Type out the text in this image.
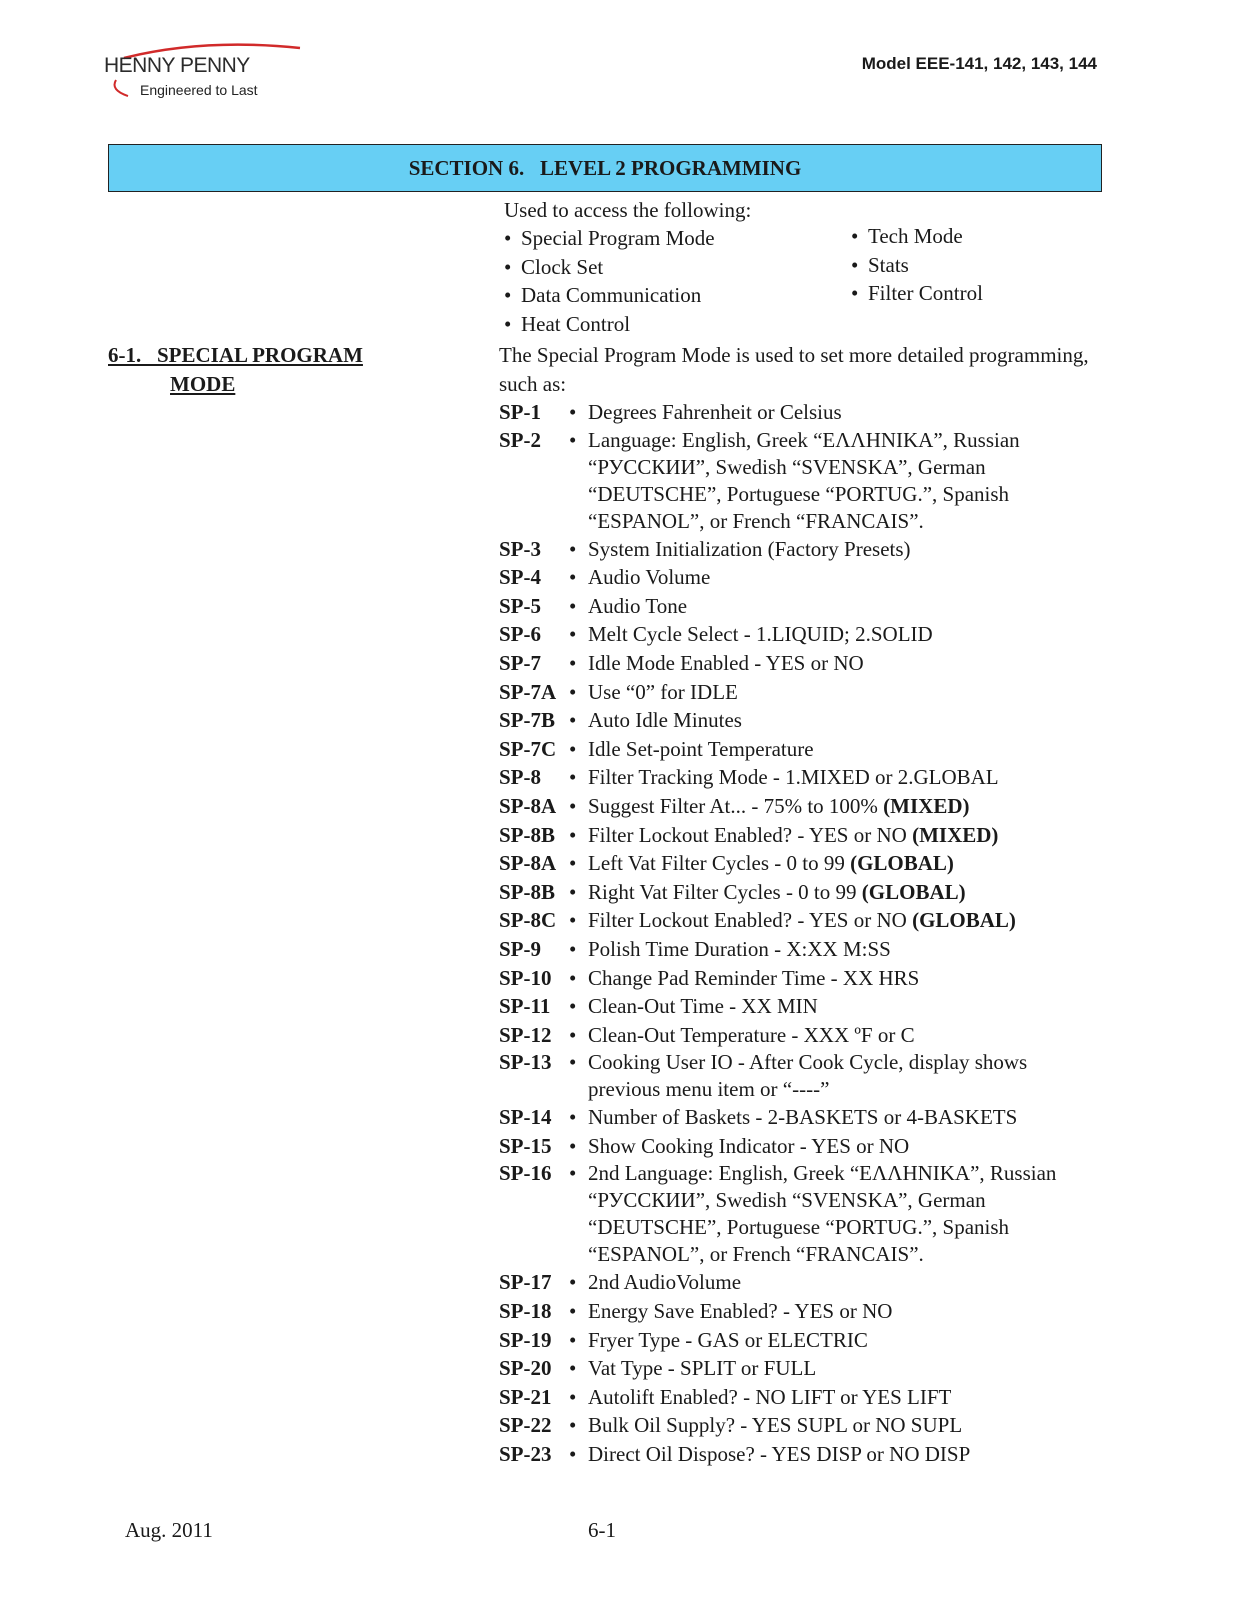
HENNY PENNY
Engineered to Last
Model EEE-141, 142, 143, 144
SECTION 6.   LEVEL 2 PROGRAMMING
Used to access the following:
• Special Program Mode
• Clock Set
• Data Communication
• Heat Control
• Tech Mode
• Stats
• Filter Control
6-1.   SPECIAL PROGRAM
MODE
The Special Program Mode is used to set more detailed programming, such as:
SP-1	• Degrees Fahrenheit or Celsius
SP-2	• Language: English, Greek “ΕΛΛΗΝΙΚΑ”, Russian “РУССКИИ”, Swedish “SVENSKA”, German “DEUTSCHE”, Portuguese “PORTUG.”, Spanish “ESPANOL”, or French “FRANCAIS”.
SP-3	• System Initialization (Factory Presets)
SP-4	• Audio Volume
SP-5	• Audio Tone
SP-6	• Melt Cycle Select - 1.LIQUID; 2.SOLID
SP-7	• Idle Mode Enabled - YES or NO
SP-7A • Use “0” for IDLE
SP-7B • Auto Idle Minutes
SP-7C • Idle Set-point Temperature
SP-8	• Filter Tracking Mode - 1.MIXED or 2.GLOBAL
SP-8A • Suggest Filter At... - 75% to 100% (MIXED)
SP-8B • Filter Lockout Enabled? - YES or NO (MIXED)
SP-8A • Left Vat Filter Cycles - 0 to 99 (GLOBAL)
SP-8B • Right Vat Filter Cycles - 0 to 99 (GLOBAL)
SP-8C • Filter Lockout Enabled? - YES or NO (GLOBAL)
SP-9	• Polish Time Duration - X:XX M:SS
SP-10 • Change Pad Reminder Time - XX HRS
SP-11 • Clean-Out Time - XX MIN
SP-12 • Clean-Out Temperature - XXX ºF or C
SP-13 • Cooking User IO - After Cook Cycle, display shows previous menu item or “----”
SP-14 • Number of Baskets - 2-BASKETS or 4-BASKETS
SP-15 • Show Cooking Indicator - YES or NO
SP-16 • 2nd Language: English, Greek “ΕΛΛΗΝΙΚΑ”, Russian “РУССКИИ”, Swedish “SVENSKA”, German “DEUTSCHE”, Portuguese “PORTUG.”, Spanish “ESPANOL”, or French “FRANCAIS”.
SP-17 • 2nd AudioVolume
SP-18 • Energy Save Enabled? - YES or NO
SP-19 • Fryer Type - GAS or ELECTRIC
SP-20 • Vat Type - SPLIT or FULL
SP-21 • Autolift Enabled? - NO LIFT or YES LIFT
SP-22 • Bulk Oil Supply? - YES SUPL or NO SUPL
SP-23 • Direct Oil Dispose? - YES DISP or NO DISP
Aug. 2011	6-1
